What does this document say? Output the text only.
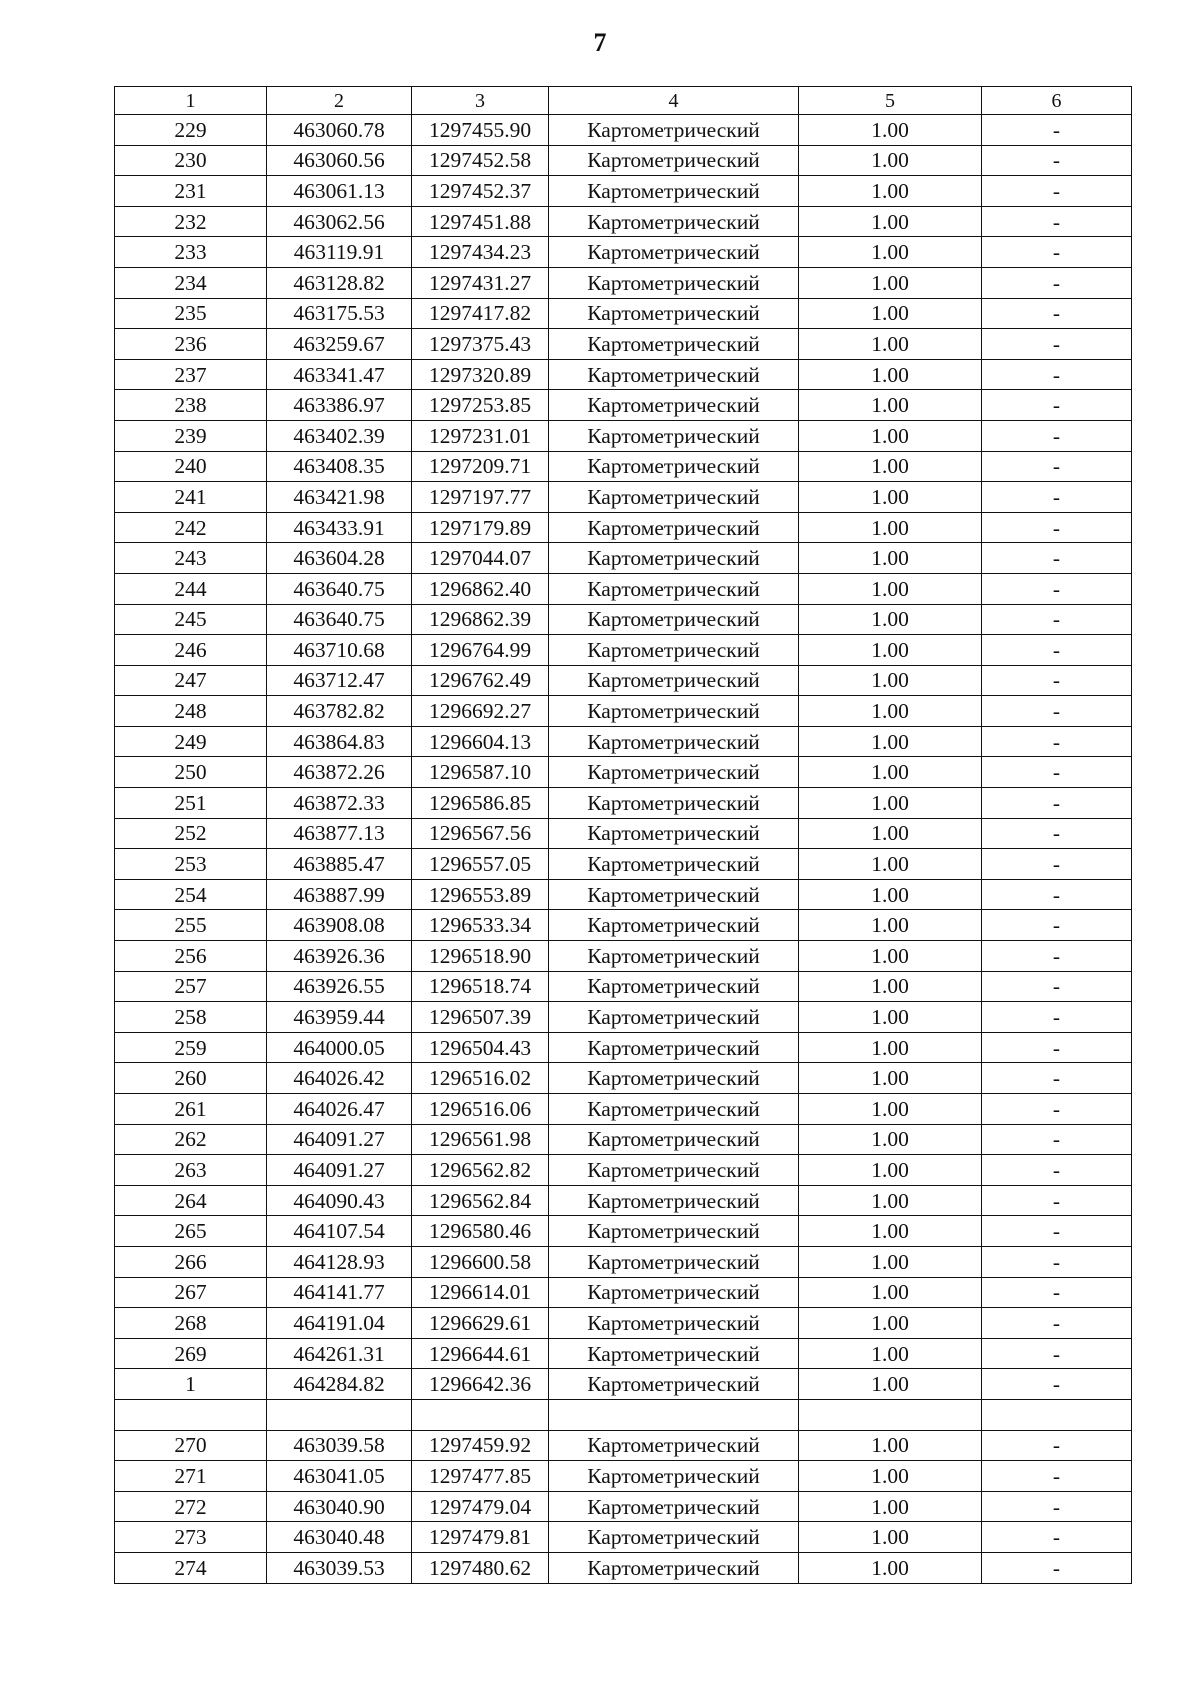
7
1	2	3	4	5	6
229	463060.78	1297455.90	Картометрический	1.00	-
230	463060.56	1297452.58	Картометрический	1.00	-
231	463061.13	1297452.37	Картометрический	1.00	-
232	463062.56	1297451.88	Картометрический	1.00	-
233	463119.91	1297434.23	Картометрический	1.00	-
234	463128.82	1297431.27	Картометрический	1.00	-
235	463175.53	1297417.82	Картометрический	1.00	-
236	463259.67	1297375.43	Картометрический	1.00	-
237	463341.47	1297320.89	Картометрический	1.00	-
238	463386.97	1297253.85	Картометрический	1.00	-
239	463402.39	1297231.01	Картометрический	1.00	-
240	463408.35	1297209.71	Картометрический	1.00	-
241	463421.98	1297197.77	Картометрический	1.00	-
242	463433.91	1297179.89	Картометрический	1.00	-
243	463604.28	1297044.07	Картометрический	1.00	-
244	463640.75	1296862.40	Картометрический	1.00	-
245	463640.75	1296862.39	Картометрический	1.00	-
246	463710.68	1296764.99	Картометрический	1.00	-
247	463712.47	1296762.49	Картометрический	1.00	-
248	463782.82	1296692.27	Картометрический	1.00	-
249	463864.83	1296604.13	Картометрический	1.00	-
250	463872.26	1296587.10	Картометрический	1.00	-
251	463872.33	1296586.85	Картометрический	1.00	-
252	463877.13	1296567.56	Картометрический	1.00	-
253	463885.47	1296557.05	Картометрический	1.00	-
254	463887.99	1296553.89	Картометрический	1.00	-
255	463908.08	1296533.34	Картометрический	1.00	-
256	463926.36	1296518.90	Картометрический	1.00	-
257	463926.55	1296518.74	Картометрический	1.00	-
258	463959.44	1296507.39	Картометрический	1.00	-
259	464000.05	1296504.43	Картометрический	1.00	-
260	464026.42	1296516.02	Картометрический	1.00	-
261	464026.47	1296516.06	Картометрический	1.00	-
262	464091.27	1296561.98	Картометрический	1.00	-
263	464091.27	1296562.82	Картометрический	1.00	-
264	464090.43	1296562.84	Картометрический	1.00	-
265	464107.54	1296580.46	Картометрический	1.00	-
266	464128.93	1296600.58	Картометрический	1.00	-
267	464141.77	1296614.01	Картометрический	1.00	-
268	464191.04	1296629.61	Картометрический	1.00	-
269	464261.31	1296644.61	Картометрический	1.00	-
1	464284.82	1296642.36	Картометрический	1.00	-

270	463039.58	1297459.92	Картометрический	1.00	-
271	463041.05	1297477.85	Картометрический	1.00	-
272	463040.90	1297479.04	Картометрический	1.00	-
273	463040.48	1297479.81	Картометрический	1.00	-
274	463039.53	1297480.62	Картометрический	1.00	-
